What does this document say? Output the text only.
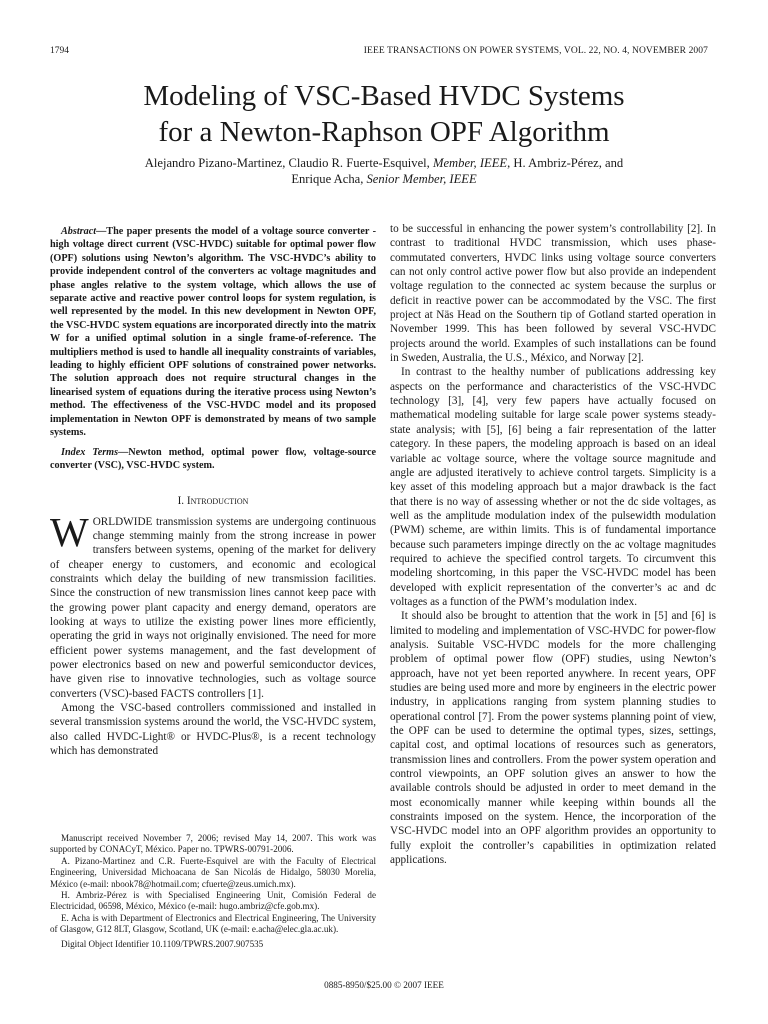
1794	IEEE TRANSACTIONS ON POWER SYSTEMS, VOL. 22, NO. 4, NOVEMBER 2007
Modeling of VSC-Based HVDC Systems
for a Newton-Raphson OPF Algorithm
Alejandro Pizano-Martinez, Claudio R. Fuerte-Esquivel, Member, IEEE, H. Ambriz-Pérez, and
Enrique Acha, Senior Member, IEEE

Abstract—The paper presents the model of a voltage source converter - high voltage direct current (VSC-HVDC) suitable for optimal power flow (OPF) solutions using Newton’s algorithm. The VSC-HVDC’s ability to provide independent control of the converters ac voltage magnitudes and phase angles relative to the system voltage, which allows the use of separate active and reactive power control loops for system regulation, is well represented by the model. In this new development in Newton OPF, the VSC-HVDC system equations are incorporated directly into the matrix W for a unified optimal solution in a single frame-of-reference. The multipliers method is used to handle all inequality constraints of variables, leading to highly efficient OPF solutions of constrained power networks. The solution approach does not require structural changes in the linearised system of equations during the iterative process using Newton’s method. The effectiveness of the VSC-HVDC model and its proposed implementation in Newton OPF is demonstrated by means of two sample systems.

Index Terms—Newton method, optimal power flow, voltage-source converter (VSC), VSC-HVDC system.

I. Introduction

WORLDWIDE transmission systems are undergoing continuous change stemming mainly from the strong increase in power transfers between systems, opening of the market for delivery of cheaper energy to customers, and economic and ecological constraints which delay the building of new transmission facilities. Since the construction of new transmission lines cannot keep pace with the growing power plant capacity and energy demand, operators are looking at ways to utilize the existing power lines more efficiently, operating the grid in ways not originally envisioned. The need for more efficient power systems management, and the fast development of power electronics based on new and powerful semiconductor devices, have given rise to innovative technologies, such as voltage source converters (VSC)-based FACTS controllers [1].

Among the VSC-based controllers commissioned and installed in several transmission systems around the world, the VSC-HVDC system, also called HVDC-Light® or HVDC-Plus®, is a recent technology which has demonstrated

Manuscript received November 7, 2006; revised May 14, 2007. This work was supported by CONACyT, México. Paper no. TPWRS-00791-2006.

A. Pizano-Martinez and C.R. Fuerte-Esquivel are with the Faculty of Electrical Engineering, Universidad Michoacana de San Nicolás de Hidalgo, 58030 Morelia, México (e-mail: nbook78@hotmail.com; cfuerte@zeus.umich.mx).

H. Ambriz-Pérez is with Specialised Engineering Unit, Comisión Federal de Electricidad, 06598, México, México (e-mail: hugo.ambriz@cfe.gob.mx).

E. Acha is with Department of Electronics and Electrical Engineering, The University of Glasgow, G12 8LT, Glasgow, Scotland, UK (e-mail: e.acha@elec.gla.ac.uk).

Digital Object Identifier 10.1109/TPWRS.2007.907535

to be successful in enhancing the power system’s controllability [2]. In contrast to traditional HVDC transmission, which uses phase-commutated converters, HVDC links using voltage source converters can not only control active power flow but also provide an independent voltage regulation to the connected ac system because the surplus or deficit in reactive power can be accommodated by the VSC. The first project at Näs Head on the Southern tip of Gotland started operation in November 1999. This has been followed by several VSC-HVDC projects around the world. Examples of such installations can be found in Sweden, Australia, the U.S., México, and Norway [2].

In contrast to the healthy number of publications addressing key aspects on the performance and characteristics of the VSC-HVDC technology [3], [4], very few papers have actually focused on mathematical modeling suitable for large scale power systems steady-state analysis; with [5], [6] being a fair representation of the latter category. In these papers, the modeling approach is based on an ideal variable ac voltage source, where the voltage source magnitude and angle are adjusted iteratively to achieve control targets. Simplicity is a key asset of this modeling approach but a major drawback is the fact that there is no way of assessing whether or not the dc side voltages, as well as the amplitude modulation index of the pulsewidth modulation (PWM) scheme, are within limits. This is of fundamental importance because such parameters impinge directly on the ac voltage magnitudes required to achieve the specified control targets. To circumvent this modeling shortcoming, in this paper the VSC-HVDC model has been developed with explicit representation of the converter’s ac and dc voltages as a function of the PWM’s modulation index.

It should also be brought to attention that the work in [5] and [6] is limited to modeling and implementation of VSC-HVDC for power-flow analysis. Suitable VSC-HVDC models for the more challenging problem of optimal power flow (OPF) studies, using Newton’s approach, have not yet been reported anywhere. In recent years, OPF studies are being used more and more by engineers in the electric power industry, in applications ranging from system planning studies to operational control [7]. From the power systems planning point of view, the OPF can be used to determine the optimal types, sizes, settings, capital cost, and optimal locations of resources such as generators, transmission lines and controllers. From the power system operation and control viewpoints, an OPF solution gives an answer to how the available controls should be adjusted in order to meet demand in the most economically manner while keeping within bounds all the constraints imposed on the system. Hence, the incorporation of the VSC-HVDC model into an OPF algorithm provides an opportunity to fully exploit the controller’s capabilities in optimization related applications.

0885-8950/$25.00 © 2007 IEEE
